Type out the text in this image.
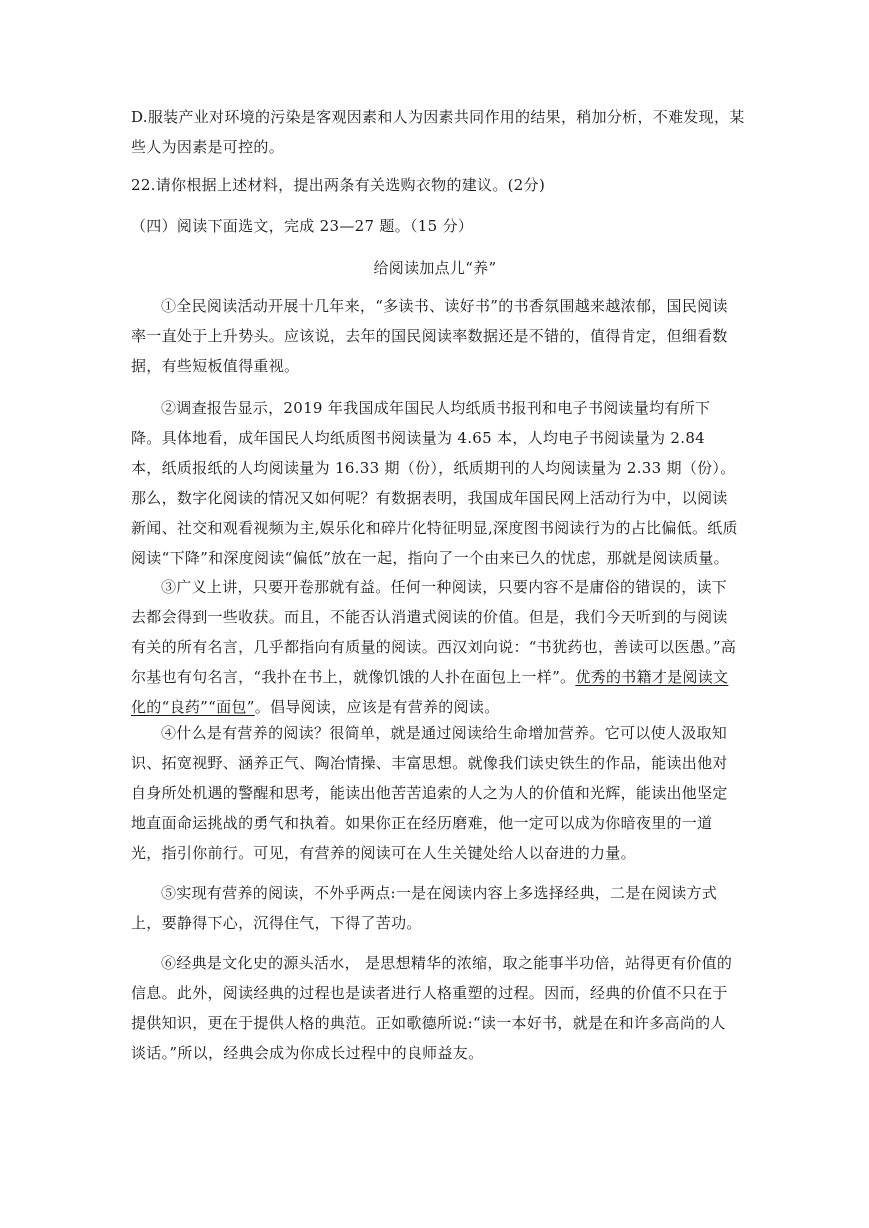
D.服装产业对环境的污染是客观因素和人为因素共同作用的结果，稍加分析，不难发现，某
些人为因素是可控的。
22.请你根据上述材料，提出两条有关选购衣物的建议。(2分)
（四）阅读下面选文，完成 23—27 题。（15 分）
给阅读加点儿“养”
①全民阅读活动开展十几年来，“多读书、读好书”的书香氛围越来越浓郁，国民阅读率一直处于上升势头。应该说，去年的国民阅读率数据还是不错的，值得肯定，但细看数据，有些短板值得重视。
②调查报告显示，2019 年我国成年国民人均纸质书报刊和电子书阅读量均有所下降。具体地看，成年国民人均纸质图书阅读量为 4.65 本，人均电子书阅读量为 2.84 本，纸质报纸的人均阅读量为 16.33 期（份），纸质期刊的人均阅读量为 2.33 期（份）。那么，数字化阅读的情况又如何呢？有数据表明，我国成年国民网上活动行为中，以阅读新闻、社交和观看视频为主,娱乐化和碎片化特征明显,深度图书阅读行为的占比偏低。纸质阅读“下降”和深度阅读“偏低”放在一起，指向了一个由来已久的忧虑，那就是阅读质量。
③广义上讲，只要开卷那就有益。任何一种阅读，只要内容不是庸俗的错误的，读下去都会得到一些收获。而且，不能否认消遣式阅读的价值。但是，我们今天听到的与阅读有关的所有名言，几乎都指向有质量的阅读。西汉刘向说：“书犹药也，善读可以医愚。”高尔基也有句名言，“我扑在书上，就像饥饿的人扑在面包上一样”。优秀的书籍才是阅读文化的“良药”“面包”。倡导阅读，应该是有营养的阅读。
④什么是有营养的阅读？很简单，就是通过阅读给生命增加营养。它可以使人汲取知识、拓宽视野、涵养正气、陶冶情操、丰富思想。就像我们读史铁生的作品，能读出他对自身所处机遇的警醒和思考，能读出他苦苦追索的人之为人的价值和光辉，能读出他坚定地直面命运挑战的勇气和执着。如果你正在经历磨难，他一定可以成为你暗夜里的一道光，指引你前行。可见，有营养的阅读可在人生关键处给人以奋进的力量。
⑤实现有营养的阅读，不外乎两点:一是在阅读内容上多选择经典，二是在阅读方式上，要静得下心，沉得住气，下得了苦功。
⑥经典是文化史的源头活水， 是思想精华的浓缩，取之能事半功倍，站得更有价值的信息。此外，阅读经典的过程也是读者进行人格重塑的过程。因而，经典的价值不只在于提供知识，更在于提供人格的典范。正如歌德所说:“读一本好书，就是在和许多高尚的人谈话。”所以，经典会成为你成长过程中的良师益友。
